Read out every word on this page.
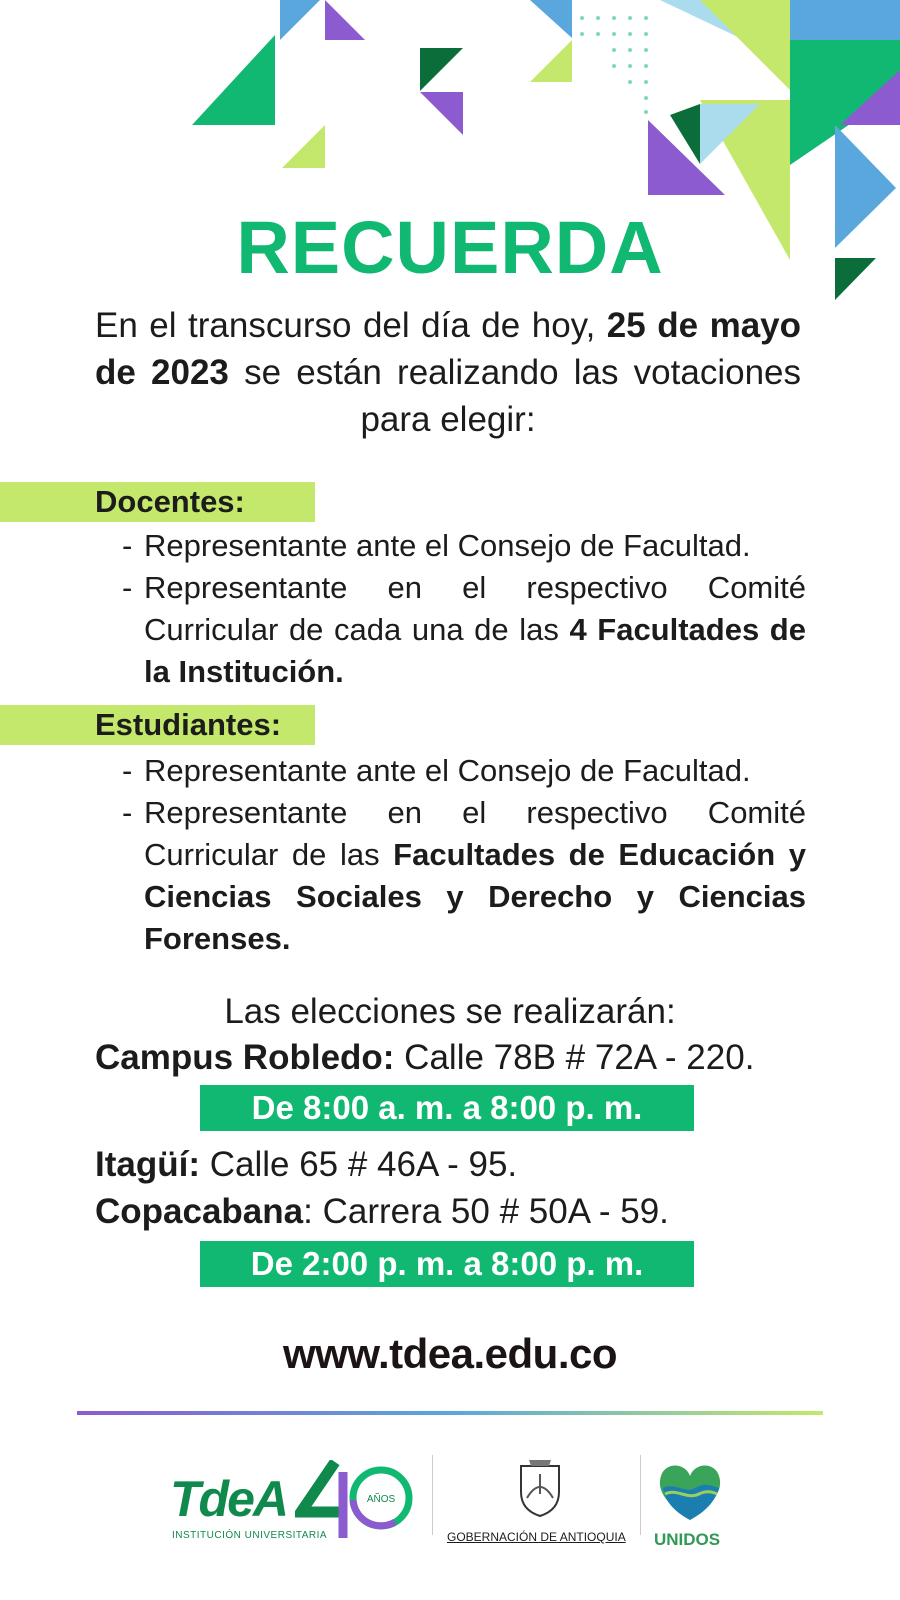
RECUERDA
En el transcurso del día de hoy, 25 de mayo de 2023 se están realizando las votaciones para elegir:
Docentes:
- Representante ante el Consejo de Facultad.
- Representante en el respectivo Comité Curricular de cada una de las 4 Facultades de la Institución.
Estudiantes:
- Representante ante el Consejo de Facultad.
- Representante en el respectivo Comité Curricular de las Facultades de Educación y Ciencias Sociales y Derecho y Ciencias Forenses.
Las elecciones se realizarán:
Campus Robledo: Calle 78B # 72A - 220.
De 8:00 a. m. a 8:00 p. m.
Itagüí: Calle 65 # 46A - 95.
Copacabana: Carrera 50 # 50A - 59.
De 2:00 p. m. a 8:00 p. m.
www.tdea.edu.co
TdeA
INSTITUCIÓN UNIVERSITARIA
AÑOS
GOBERNACIÓN DE ANTIOQUIA UNIDOS
